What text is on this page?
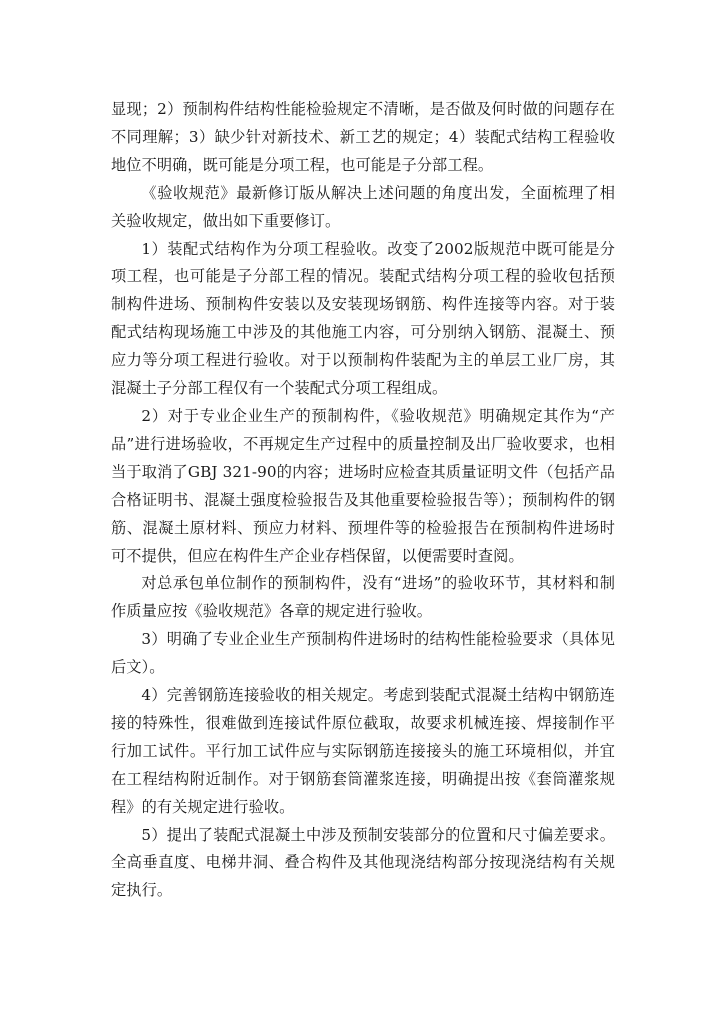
显现；2）预制构件结构性能检验规定不清晰，是否做及何时做的问题存在不同理解；3）缺少针对新技术、新工艺的规定；4）装配式结构工程验收地位不明确，既可能是分项工程，也可能是子分部工程。

《验收规范》最新修订版从解决上述问题的角度出发，全面梳理了相关验收规定，做出如下重要修订。

1）装配式结构作为分项工程验收。改变了2002版规范中既可能是分项工程，也可能是子分部工程的情况。装配式结构分项工程的验收包括预制构件进场、预制构件安装以及安装现场钢筋、构件连接等内容。对于装配式结构现场施工中涉及的其他施工内容，可分别纳入钢筋、混凝土、预应力等分项工程进行验收。对于以预制构件装配为主的单层工业厂房，其混凝土子分部工程仅有一个装配式分项工程组成。

2）对于专业企业生产的预制构件，《验收规范》明确规定其作为“产品”进行进场验收，不再规定生产过程中的质量控制及出厂验收要求，也相当于取消了GBJ 321-90的内容；进场时应检查其质量证明文件（包括产品合格证明书、混凝土强度检验报告及其他重要检验报告等）；预制构件的钢筋、混凝土原材料、预应力材料、预埋件等的检验报告在预制构件进场时可不提供，但应在构件生产企业存档保留，以便需要时查阅。

对总承包单位制作的预制构件，没有“进场”的验收环节，其材料和制作质量应按《验收规范》各章的规定进行验收。

3）明确了专业企业生产预制构件进场时的结构性能检验要求（具体见后文）。

4）完善钢筋连接验收的相关规定。考虑到装配式混凝土结构中钢筋连接的特殊性，很难做到连接试件原位截取，故要求机械连接、焊接制作平行加工试件。平行加工试件应与实际钢筋连接接头的施工环境相似，并宜在工程结构附近制作。对于钢筋套筒灌浆连接，明确提出按《套筒灌浆规程》的有关规定进行验收。

5）提出了装配式混凝土中涉及预制安装部分的位置和尺寸偏差要求。全高垂直度、电梯井洞、叠合构件及其他现浇结构部分按现浇结构有关规定执行。
